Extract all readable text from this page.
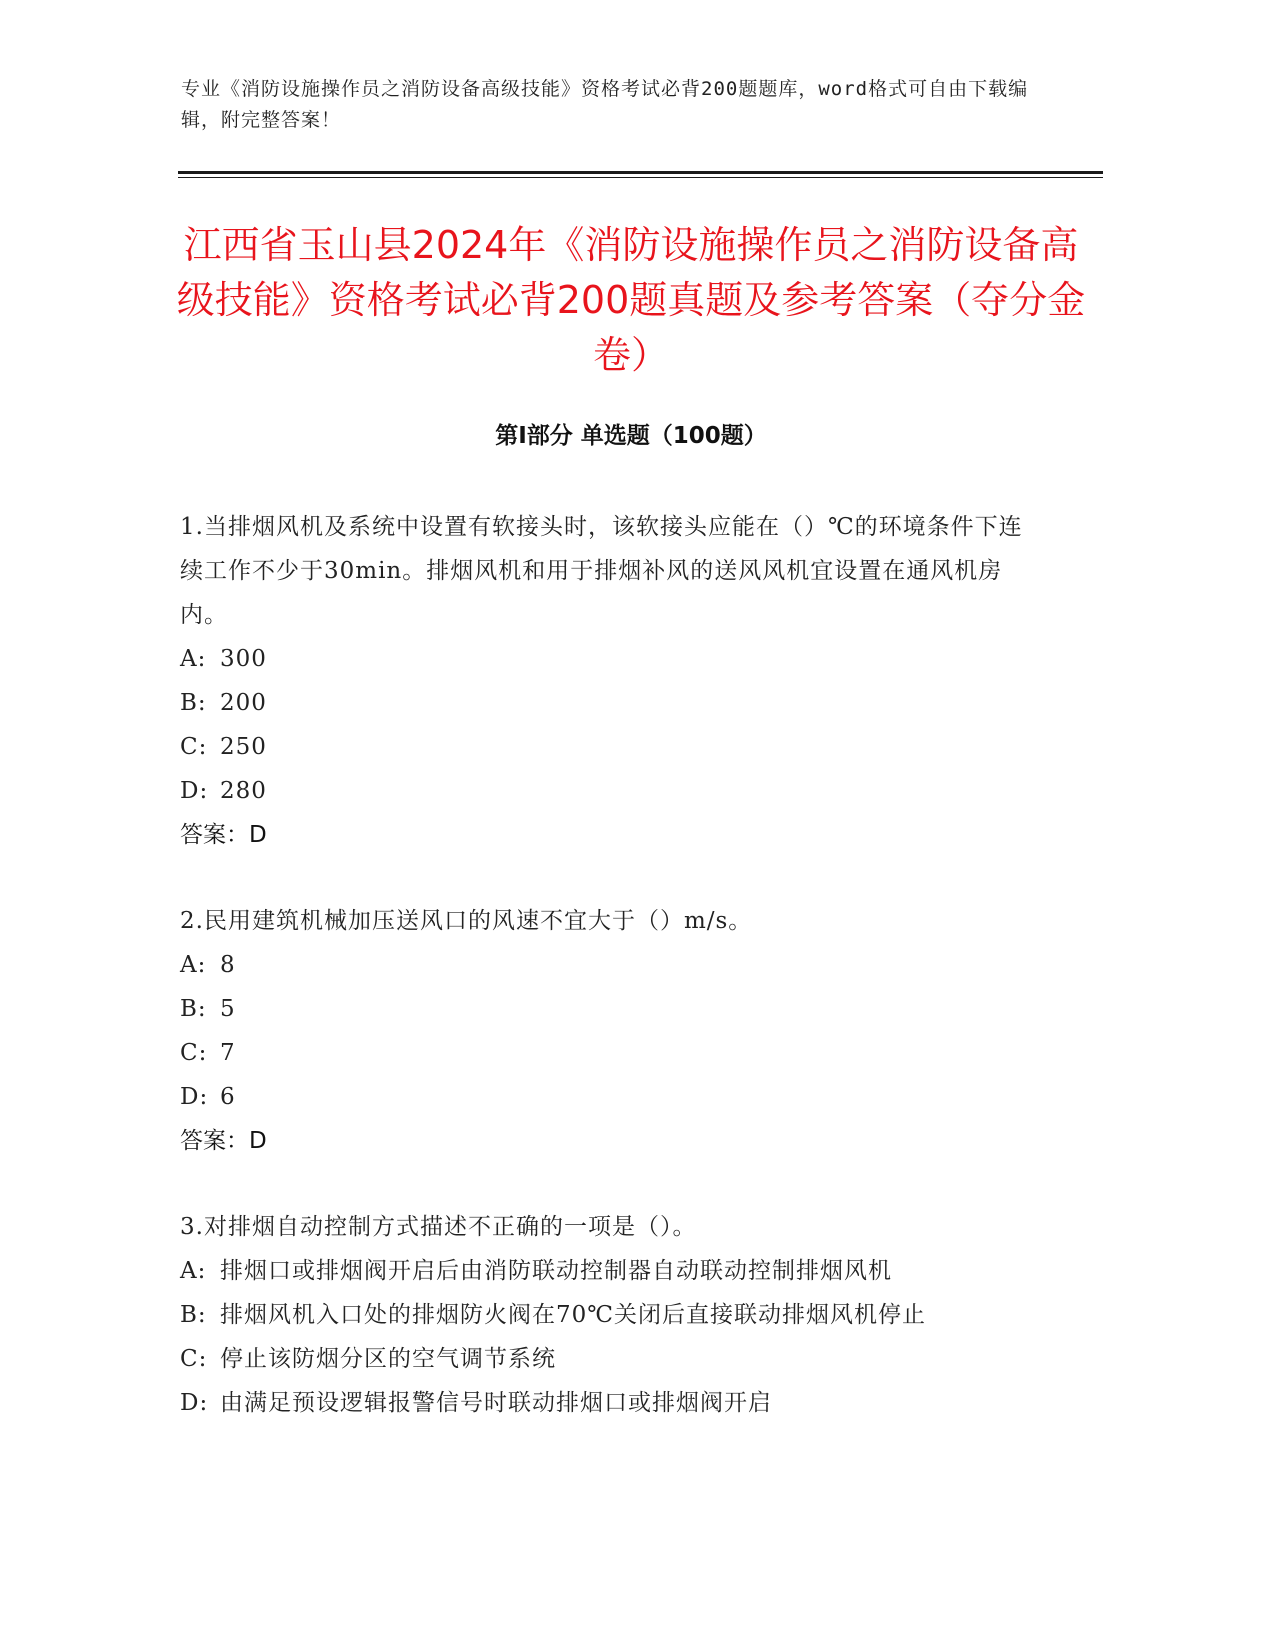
专业《消防设施操作员之消防设备高级技能》资格考试必背200题题库，word格式可自由下载编辑，附完整答案！
江西省玉山县2024年《消防设施操作员之消防设备高级技能》资格考试必背200题真题及参考答案（夺分金卷）
第Ⅰ部分 单选题（100题）

1.当排烟风机及系统中设置有软接头时，该软接头应能在（）℃的环境条件下连续工作不少于30min。排烟风机和用于排烟补风的送风风机宜设置在通风机房内。

A: 300

B: 200

C: 250

D: 280

答案：D

2.民用建筑机械加压送风口的风速不宜大于（）m/s。

A: 8

B: 5

C: 7

D: 6

答案：D

3.对排烟自动控制方式描述不正确的一项是（）。

A: 排烟口或排烟阀开启后由消防联动控制器自动联动控制排烟风机

B: 排烟风机入口处的排烟防火阀在70℃关闭后直接联动排烟风机停止

C: 停止该防烟分区的空气调节系统

D: 由满足预设逻辑报警信号时联动排烟口或排烟阀开启
